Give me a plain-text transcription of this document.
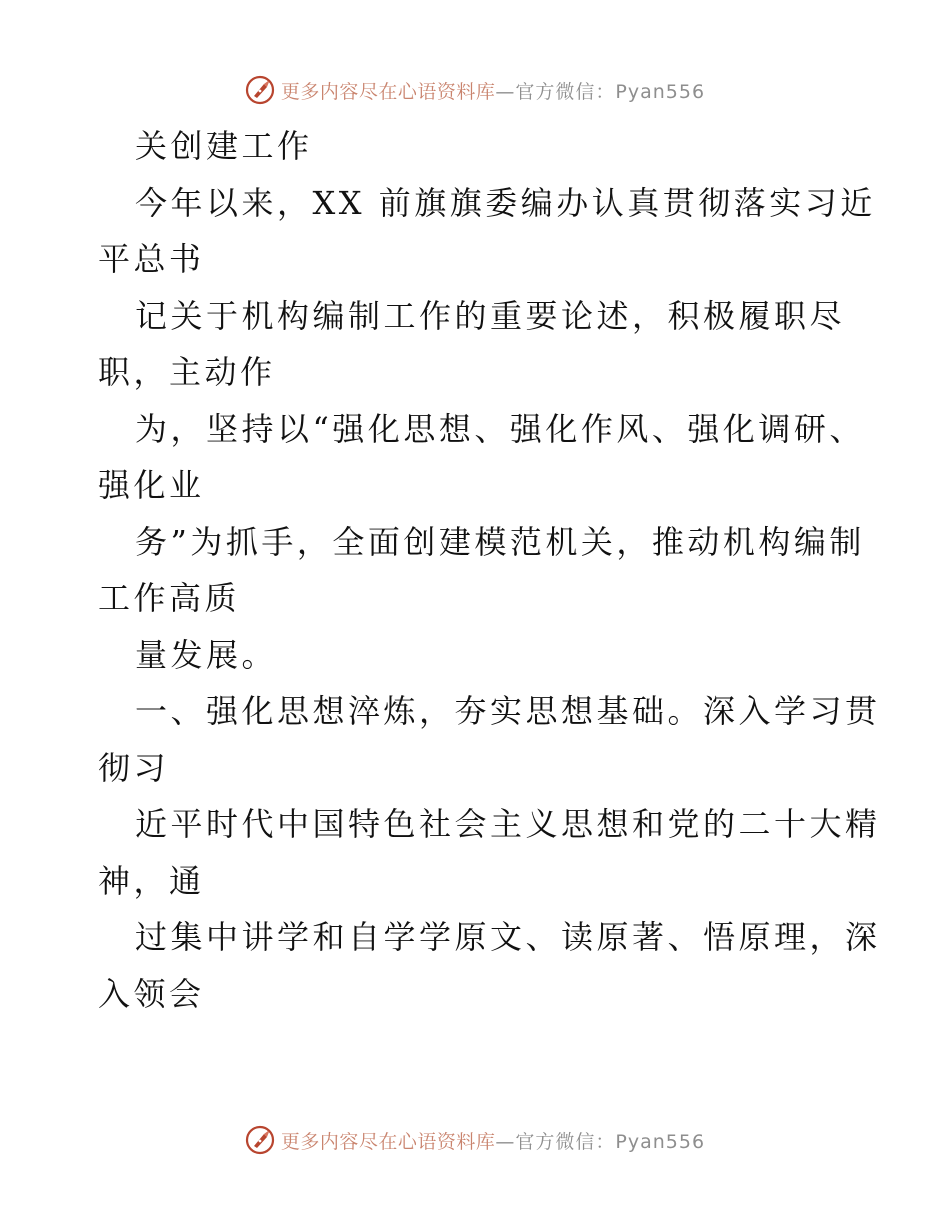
更多内容尽在心语资料库 —官方微信：Pyan556
关创建工作
今年以来，XX 前旗旗委编办认真贯彻落实习近
平总书
记关于机构编制工作的重要论述，积极履职尽
职，主动作
为，坚持以“强化思想、强化作风、强化调研、
强化业
务”为抓手，全面创建模范机关，推动机构编制
工作高质
量发展。
一、强化思想淬炼，夯实思想基础。深入学习贯
彻习
近平时代中国特色社会主义思想和党的二十大精
神，通
过集中讲学和自学学原文、读原著、悟原理，深
入领会
更多内容尽在心语资料库 —官方微信：Pyan556
